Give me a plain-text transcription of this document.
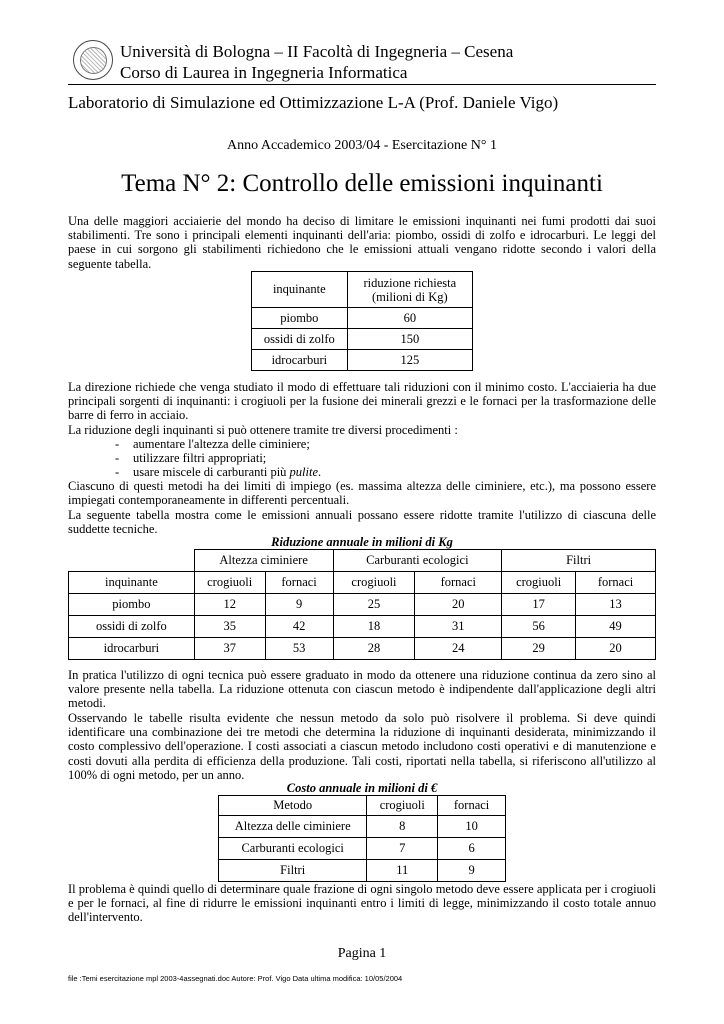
Università di Bologna – II Facoltà di Ingegneria – Cesena
Corso di Laurea in Ingegneria Informatica
Laboratorio di Simulazione ed Ottimizzazione L-A (Prof. Daniele Vigo)
Anno Accademico 2003/04 - Esercitazione N° 1
Tema N° 2: Controllo delle emissioni inquinanti
Una delle maggiori acciaierie del mondo ha deciso di limitare le emissioni inquinanti nei fumi prodotti dai suoi stabilimenti. Tre sono i principali elementi inquinanti dell'aria: piombo, ossidi di zolfo e idrocarburi. Le leggi del paese in cui sorgono gli stabilimenti richiedono che le emissioni attuali vengano ridotte secondo i valori della seguente tabella.
inquinante	riduzione richiesta (milioni di Kg)
piombo	60
ossidi di zolfo	150
idrocarburi	125
La direzione richiede che venga studiato il modo di effettuare tali riduzioni con il minimo costo. L'acciaieria ha due principali sorgenti di inquinanti: i crogiuoli per la fusione dei minerali grezzi e le fornaci per la trasformazione delle barre di ferro in acciaio.
La riduzione degli inquinanti si può ottenere tramite tre diversi procedimenti :
- aumentare l'altezza delle ciminiere;
- utilizzare filtri appropriati;
- usare miscele di carburanti più pulite.
Ciascuno di questi metodi ha dei limiti di impiego (es. massima altezza delle ciminiere, etc.), ma possono essere impiegati contemporaneamente in differenti percentuali.
La seguente tabella mostra come le emissioni annuali possano essere ridotte tramite l'utilizzo di ciascuna delle suddette tecniche.
Riduzione annuale in milioni di Kg
	Altezza ciminiere		Carburanti ecologici		Filtri	
inquinante	crogiuoli	fornaci	crogiuoli	fornaci	crogiuoli	fornaci
piombo	12	9	25	20	17	13
ossidi di zolfo	35	42	18	31	56	49
idrocarburi	37	53	28	24	29	20
In pratica l'utilizzo di ogni tecnica può essere graduato in modo da ottenere una riduzione continua da zero sino al valore presente nella tabella. La riduzione ottenuta con ciascun metodo è indipendente dall'applicazione degli altri metodi.
Osservando le tabelle risulta evidente che nessun metodo da solo può risolvere il problema. Si deve quindi identificare una combinazione dei tre metodi che determina la riduzione di inquinanti desiderata, minimizzando il costo complessivo dell'operazione. I costi associati a ciascun metodo includono costi operativi e di manutenzione e costi dovuti alla perdita di efficienza della produzione. Tali costi, riportati nella tabella, si riferiscono all'utilizzo al 100% di ogni metodo, per un anno.
Costo annuale in milioni di €
Metodo	crogiuoli	fornaci
Altezza delle ciminiere	8	10
Carburanti ecologici	7	6
Filtri	11	9
Il problema è quindi quello di determinare quale frazione di ogni singolo metodo deve essere applicata per i crogiuoli e per le fornaci, al fine di ridurre le emissioni inquinanti entro i limiti di legge, minimizzando il costo totale annuo dell'intervento.
Pagina 1
file :Temi esercitazione mpl 2003-4assegnati.doc Autore: Prof. Vigo Data ultima modifica: 10/05/2004
